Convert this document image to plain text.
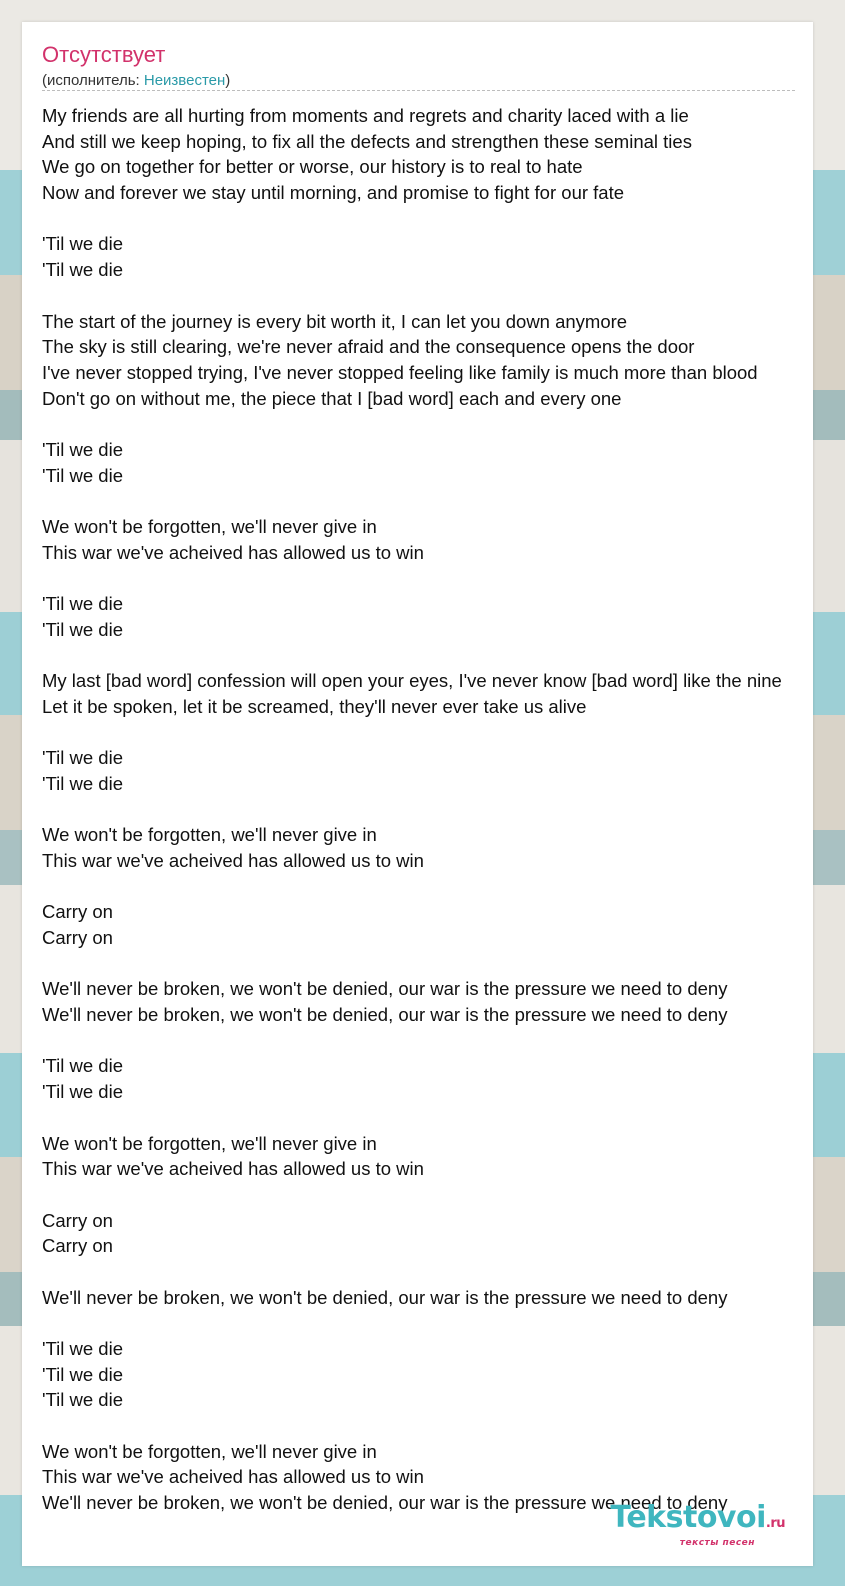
Отсутствует
(исполнитель: Неизвестен)
My friends are all hurting from moments and regrets and charity laced with a lie
And still we keep hoping, to fix all the defects and strengthen these seminal ties
We go on together for better or worse, our history is to real to hate
Now and forever we stay until morning, and promise to fight for our fate
'Til we die
'Til we die
The start of the journey is every bit worth it, I can let you down anymore
The sky is still clearing, we're never afraid and the consequence opens the door
I've never stopped trying, I've never stopped feeling like family is much more than blood
Don't go on without me, the piece that I [bad word] each and every one
'Til we die
'Til we die
We won't be forgotten, we'll never give in
This war we've acheived has allowed us to win
'Til we die
'Til we die
My last [bad word] confession will open your eyes, I've never know [bad word] like the nine
Let it be spoken, let it be screamed, they'll never ever take us alive
'Til we die
'Til we die
We won't be forgotten, we'll never give in
This war we've acheived has allowed us to win
Carry on
Carry on
We'll never be broken, we won't be denied, our war is the pressure we need to deny
We'll never be broken, we won't be denied, our war is the pressure we need to deny
'Til we die
'Til we die
We won't be forgotten, we'll never give in
This war we've acheived has allowed us to win
Carry on
Carry on
We'll never be broken, we won't be denied, our war is the pressure we need to deny
'Til we die
'Til we die
'Til we die
We won't be forgotten, we'll never give in
This war we've acheived has allowed us to win
We'll never be broken, we won't be denied, our war is the pressure we need to deny
Tekstovoi.ru
тексты песен
